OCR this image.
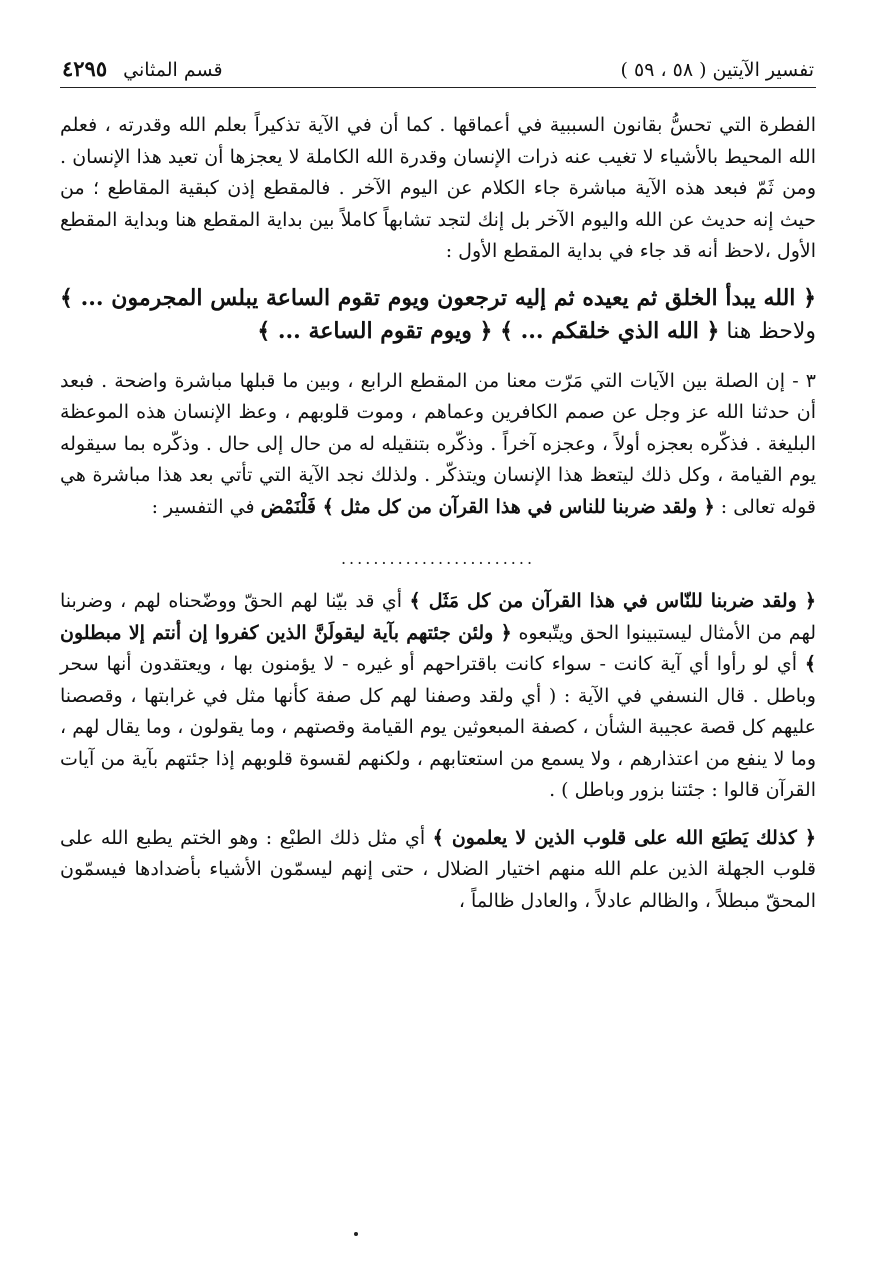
تفسير الآيتين ( ٥٨ ، ٥٩ )
قسم المثاني
٤٢٩٥

الفطرة التي تحسُّ بقانون السببية في أعماقها . كما أن في الآية تذكيراً بعلم الله وقدرته ، فعلم الله المحيط بالأشياء لا تغيب عنه ذرات الإنسان وقدرة الله الكاملة لا يعجزها أن تعيد هذا الإنسان . ومن ثَمّ فبعد هذه الآية مباشرة جاء الكلام عن اليوم الآخر . فالمقطع إذن كبقية المقاطع ؛ من حيث إنه حديث عن الله واليوم الآخر بل إنك لتجد تشابهاً كاملاً بين بداية المقطع هنا وبداية المقطع الأول ،لاحظ أنه قد جاء في بداية المقطع الأول :

﴿ الله يبدأ الخلق ثم يعيده ثم إليه ترجعون ويوم تقوم الساعة يبلس المجرمون ... ﴾ ولاحظ هنا ﴿ الله الذي خلقكم ... ﴾ ﴿ ويوم تقوم الساعة ... ﴾

٣ - إن الصلة بين الآيات التي مَرّت معنا من المقطع الرابع ، وبين ما قبلها مباشرة واضحة . فبعد أن حدثنا الله عز وجل عن صمم الكافرين وعماهم ، وموت قلوبهم ، وعظ الإنسان هذه الموعظة البليغة . فذكّره بعجزه أولاً ، وعجزه آخراً . وذكّره بتنقيله له من حال إلى حال . وذكّره بما سيقوله يوم القيامة ، وكل ذلك ليتعظ هذا الإنسان ويتذكّر . ولذلك نجد الآية التي تأتي بعد هذا مباشرة هي قوله تعالى : ﴿ ولقد ضربنا للناس في هذا القرآن من كل مثل ﴾ فَلْنَمْض في التفسير :

........................

﴿ ولقد ضربنا للنّاس في هذا القرآن من كل مَثَل ﴾ أي قد بيّنا لهم الحقّ ووضّحناه لهم ، وضربنا لهم من الأمثال ليستبينوا الحق ويتّبعوه ﴿ ولئن جئتهم بآية ليقولَنَّ الذين كفروا إن أنتم إلا مبطلون ﴾ أي لو رأوا أي آية كانت - سواء كانت باقتراحهم أو غيره - لا يؤمنون بها ، ويعتقدون أنها سحر وباطل . قال النسفي في الآية : ( أي ولقد وصفنا لهم كل صفة كأنها مثل في غرابتها ، وقصصنا عليهم كل قصة عجيبة الشأن ، كصفة المبعوثين يوم القيامة وقصتهم ، وما يقولون ، وما يقال لهم ، وما لا ينفع من اعتذارهم ، ولا يسمع من استعتابهم ، ولكنهم لقسوة قلوبهم إذا جئتهم بآية من آيات القرآن قالوا : جئتنا بزور وباطل ) .

﴿ كذلك يَطبَع الله على قلوب الذين لا يعلمون ﴾ أي مثل ذلك الطبْع : وهو الختم يطبع الله على قلوب الجهلة الذين علم الله منهم اختيار الضلال ، حتى إنهم ليسمّون الأشياء بأضدادها فيسمّون المحقّ مبطلاً ، والظالم عادلاً ، والعادل ظالماً ،
